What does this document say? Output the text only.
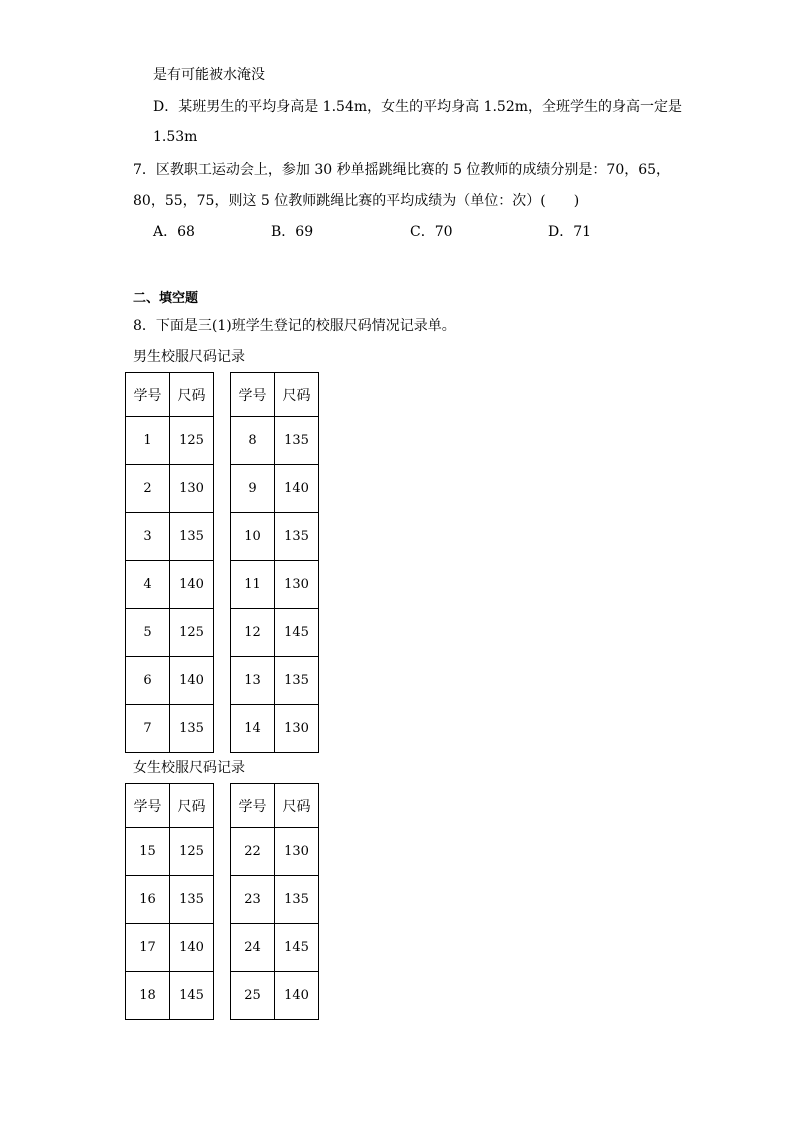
是有可能被水淹没
D．某班男生的平均身高是 1.54m，女生的平均身高 1.52m，全班学生的身高一定是
1.53m
7．区教职工运动会上，参加 30 秒单摇跳绳比赛的 5 位教师的成绩分别是：70，65，
80，55，75，则这 5 位教师跳绳比赛的平均成绩为（单位：次）(　　)
A．68	B．69	C．70	D．71
二、填空题
8．下面是三(1)班学生登记的校服尺码情况记录单。
男生校服尺码记录
学号	尺码		学号	尺码
1	125		8	135
2	130		9	140
3	135		10	135
4	140		11	130
5	125		12	145
6	140		13	135
7	135		14	130
女生校服尺码记录
学号	尺码		学号	尺码
15	125		22	130
16	135		23	135
17	140		24	145
18	145		25	140
